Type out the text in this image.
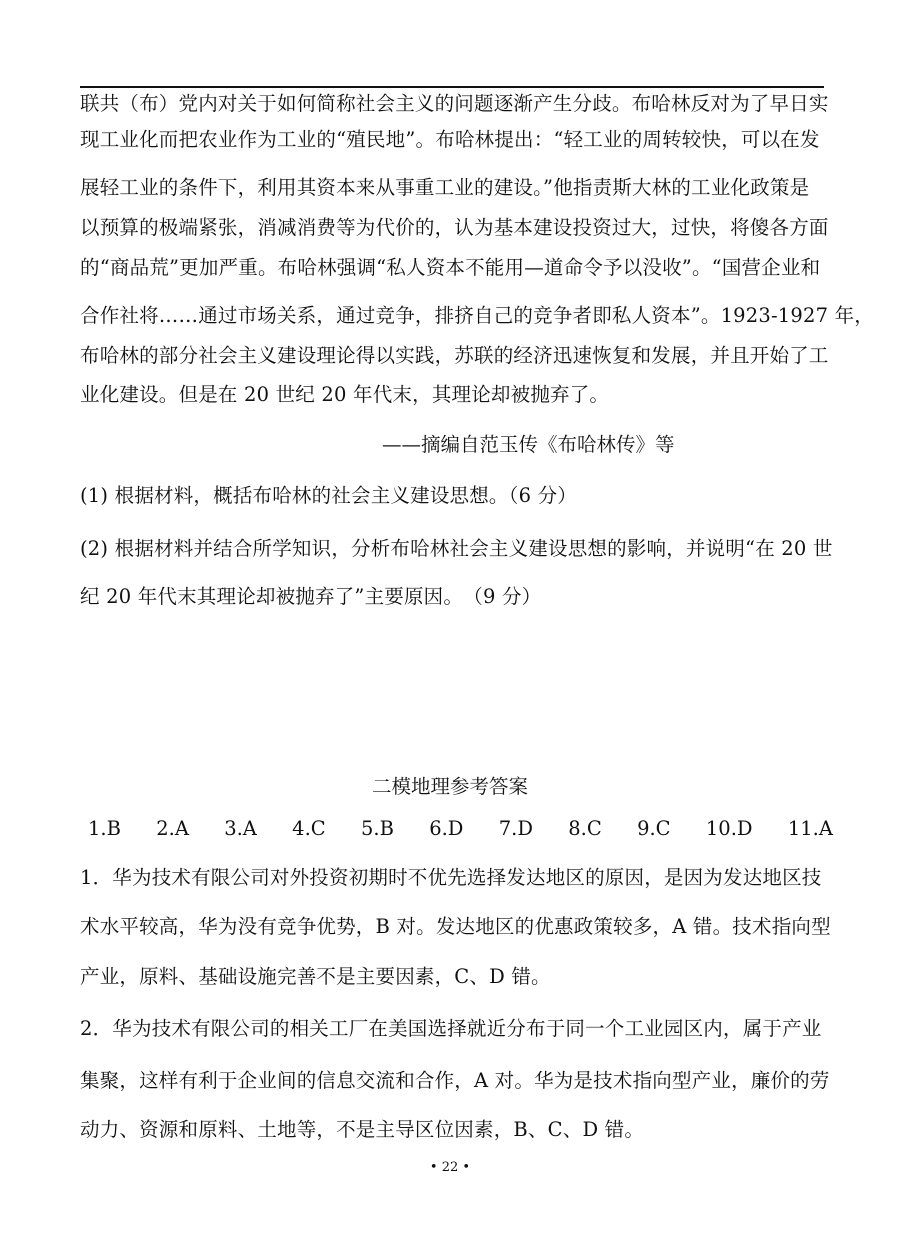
联共（布）党内对关于如何简称社会主义的问题逐渐产生分歧。布哈林反对为了早日实
现工业化而把农业作为工业的“殖民地”。布哈林提出：“轻工业的周转较快，可以在发
展轻工业的条件下，利用其资本来从事重工业的建设。”他指责斯大林的工业化政策是
以预算的极端紧张，消减消费等为代价的，认为基本建设投资过大，过快，将傻各方面
的“商品荒”更加严重。布哈林强调“私人资本不能用—道命令予以没收”。“国营企业和
合作社将……通过市场关系，通过竞争，排挤自己的竞争者即私人资本”。1923-1927 年，
布哈林的部分社会主义建设理论得以实践，苏联的经济迅速恢复和发展，并且开始了工
业化建设。但是在 20 世纪 20 年代末，其理论却被抛弃了。
——摘编自范玉传《布哈林传》等
(1) 根据材料，概括布哈林的社会主义建设思想。（6 分）
(2) 根据材料并结合所学知识，分析布哈林社会主义建设思想的影响，并说明“在 20 世
纪 20 年代末其理论却被抛弃了”主要原因。　（9 分）
二模地理参考答案
1.B 2.A 3.A 4.C 5.B 6.D 7.D 8.C 9.C 10.D 11.A
1．华为技术有限公司对外投资初期时不优先选择发达地区的原因，是因为发达地区技
术水平较高，华为没有竞争优势，B 对。发达地区的优惠政策较多，A 错。技术指向型
产业，原料、基础设施完善不是主要因素，C、D 错。
2．华为技术有限公司的相关工厂在美国选择就近分布于同一个工业园区内，属于产业
集聚，这样有利于企业间的信息交流和合作，A 对。华为是技术指向型产业，廉价的劳
动力、资源和原料、土地等，不是主导区位因素，B、C、D 错。
• 22 •
